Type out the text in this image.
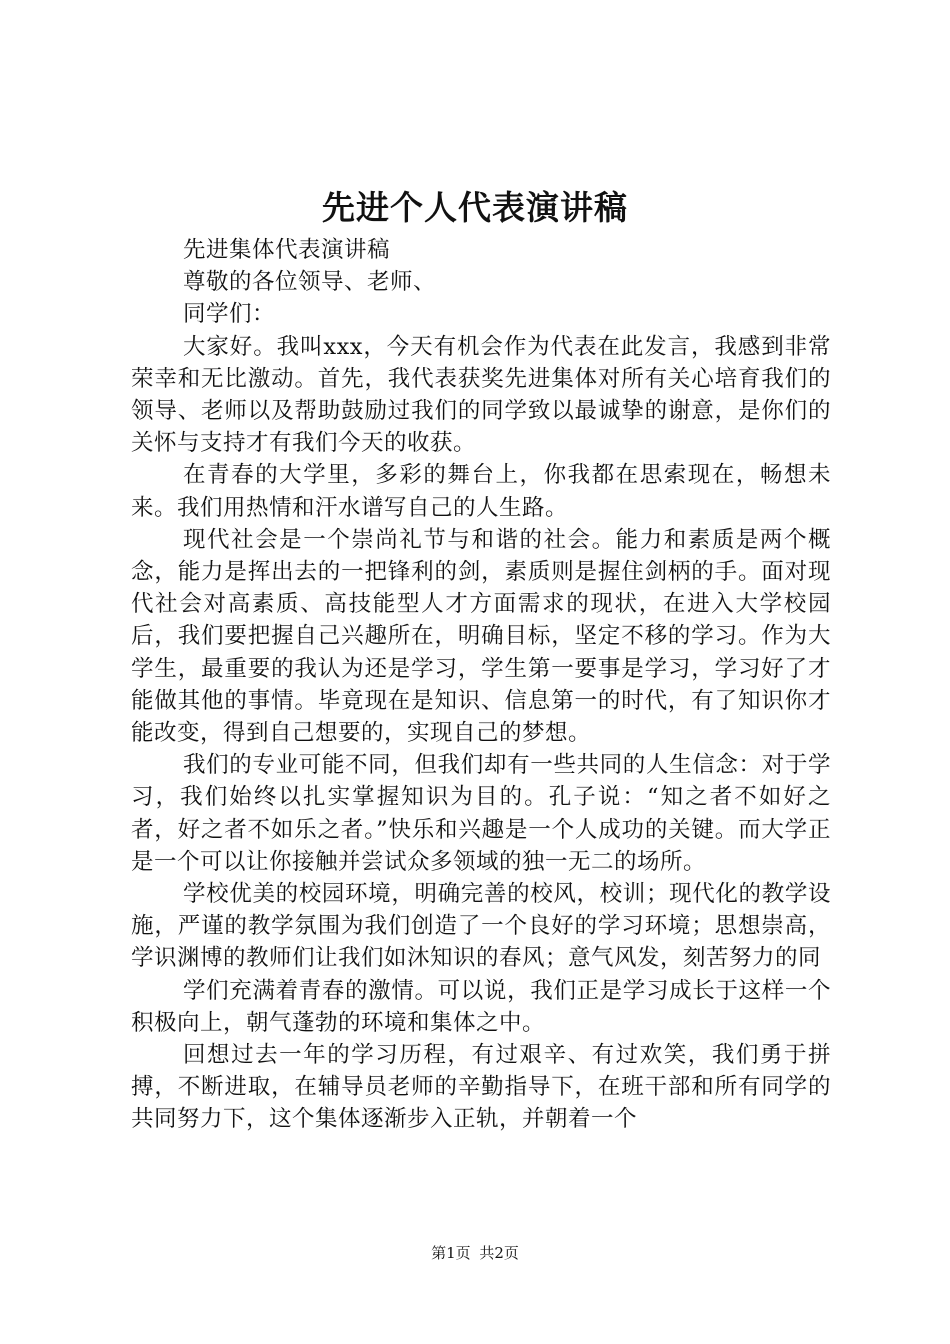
先进个人代表演讲稿

先进集体代表演讲稿

尊敬的各位领导、老师、

同学们：

大家好。我叫xxx，今天有机会作为代表在此发言，我感到非常荣幸和无比激动。首先，我代表获奖先进集体对所有关心培育我们的领导、老师以及帮助鼓励过我们的同学致以最诚挚的谢意，是你们的关怀与支持才有我们今天的收获。

在青春的大学里，多彩的舞台上，你我都在思索现在，畅想未来。我们用热情和汗水谱写自己的人生路。

现代社会是一个崇尚礼节与和谐的社会。能力和素质是两个概念，能力是挥出去的一把锋利的剑，素质则是握住剑柄的手。面对现代社会对高素质、高技能型人才方面需求的现状，在进入大学校园后，我们要把握自己兴趣所在，明确目标，坚定不移的学习。作为大学生，最重要的我认为还是学习，学生第一要事是学习，学习好了才能做其他的事情。毕竟现在是知识、信息第一的时代，有了知识你才能改变，得到自己想要的，实现自己的梦想。

我们的专业可能不同，但我们却有一些共同的人生信念：对于学习，我们始终以扎实掌握知识为目的。孔子说：“知之者不如好之者，好之者不如乐之者。”快乐和兴趣是一个人成功的关键。而大学正是一个可以让你接触并尝试众多领域的独一无二的场所。

学校优美的校园环境，明确完善的校风，校训；现代化的教学设施，严谨的教学氛围为我们创造了一个良好的学习环境；思想崇高，学识渊博的教师们让我们如沐知识的春风；意气风发，刻苦努力的同

学们充满着青春的激情。可以说，我们正是学习成长于这样一个积极向上，朝气蓬勃的环境和集体之中。

回想过去一年的学习历程，有过艰辛、有过欢笑，我们勇于拼搏，不断进取，在辅导员老师的辛勤指导下，在班干部和所有同学的共同努力下，这个集体逐渐步入正轨，并朝着一个

第1页 共2页
